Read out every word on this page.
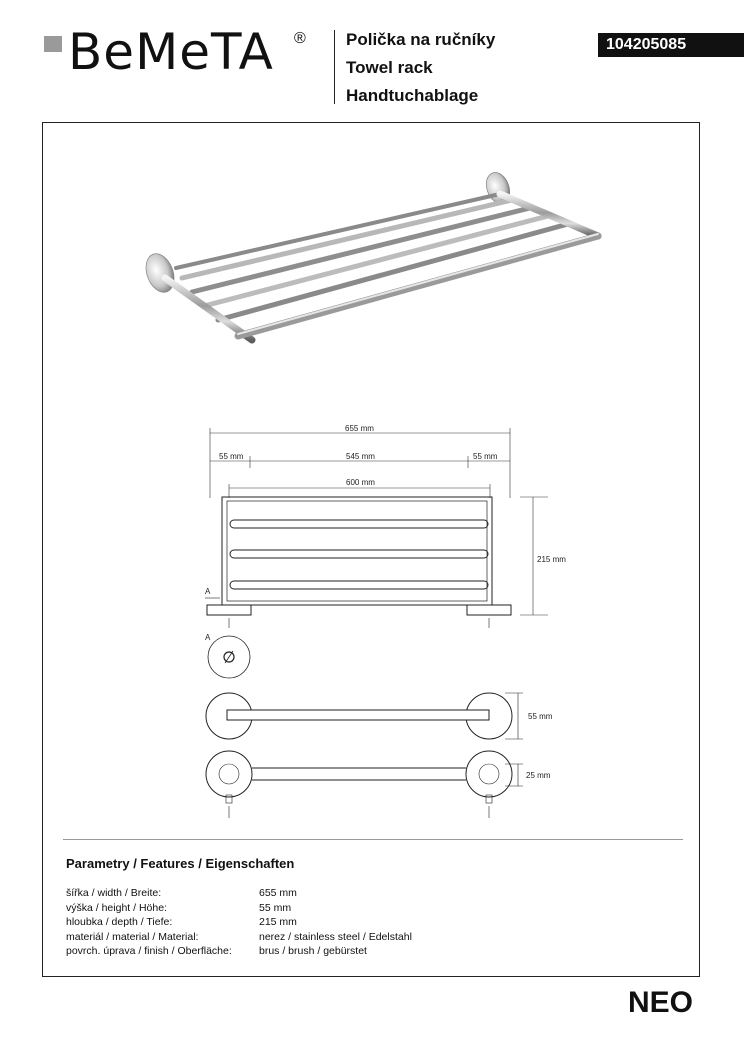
BeMeTA ® Polička na ručníky
Towel rack
Handtuchablage
104205085
655 mm
55 mm	545 mm	55 mm
600 mm
215 mm
A
A
55 mm
25 mm
Parametry / Features / Eigenschaften
šířka / width / Breite:	655 mm
výška / height / Höhe:	55 mm
hloubka / depth / Tiefe:	215 mm
materiál / material / Material:	nerez / stainless steel / Edelstahl
povrch. úprava / finish / Oberfläche:	brus / brush / gebürstet
NEO
